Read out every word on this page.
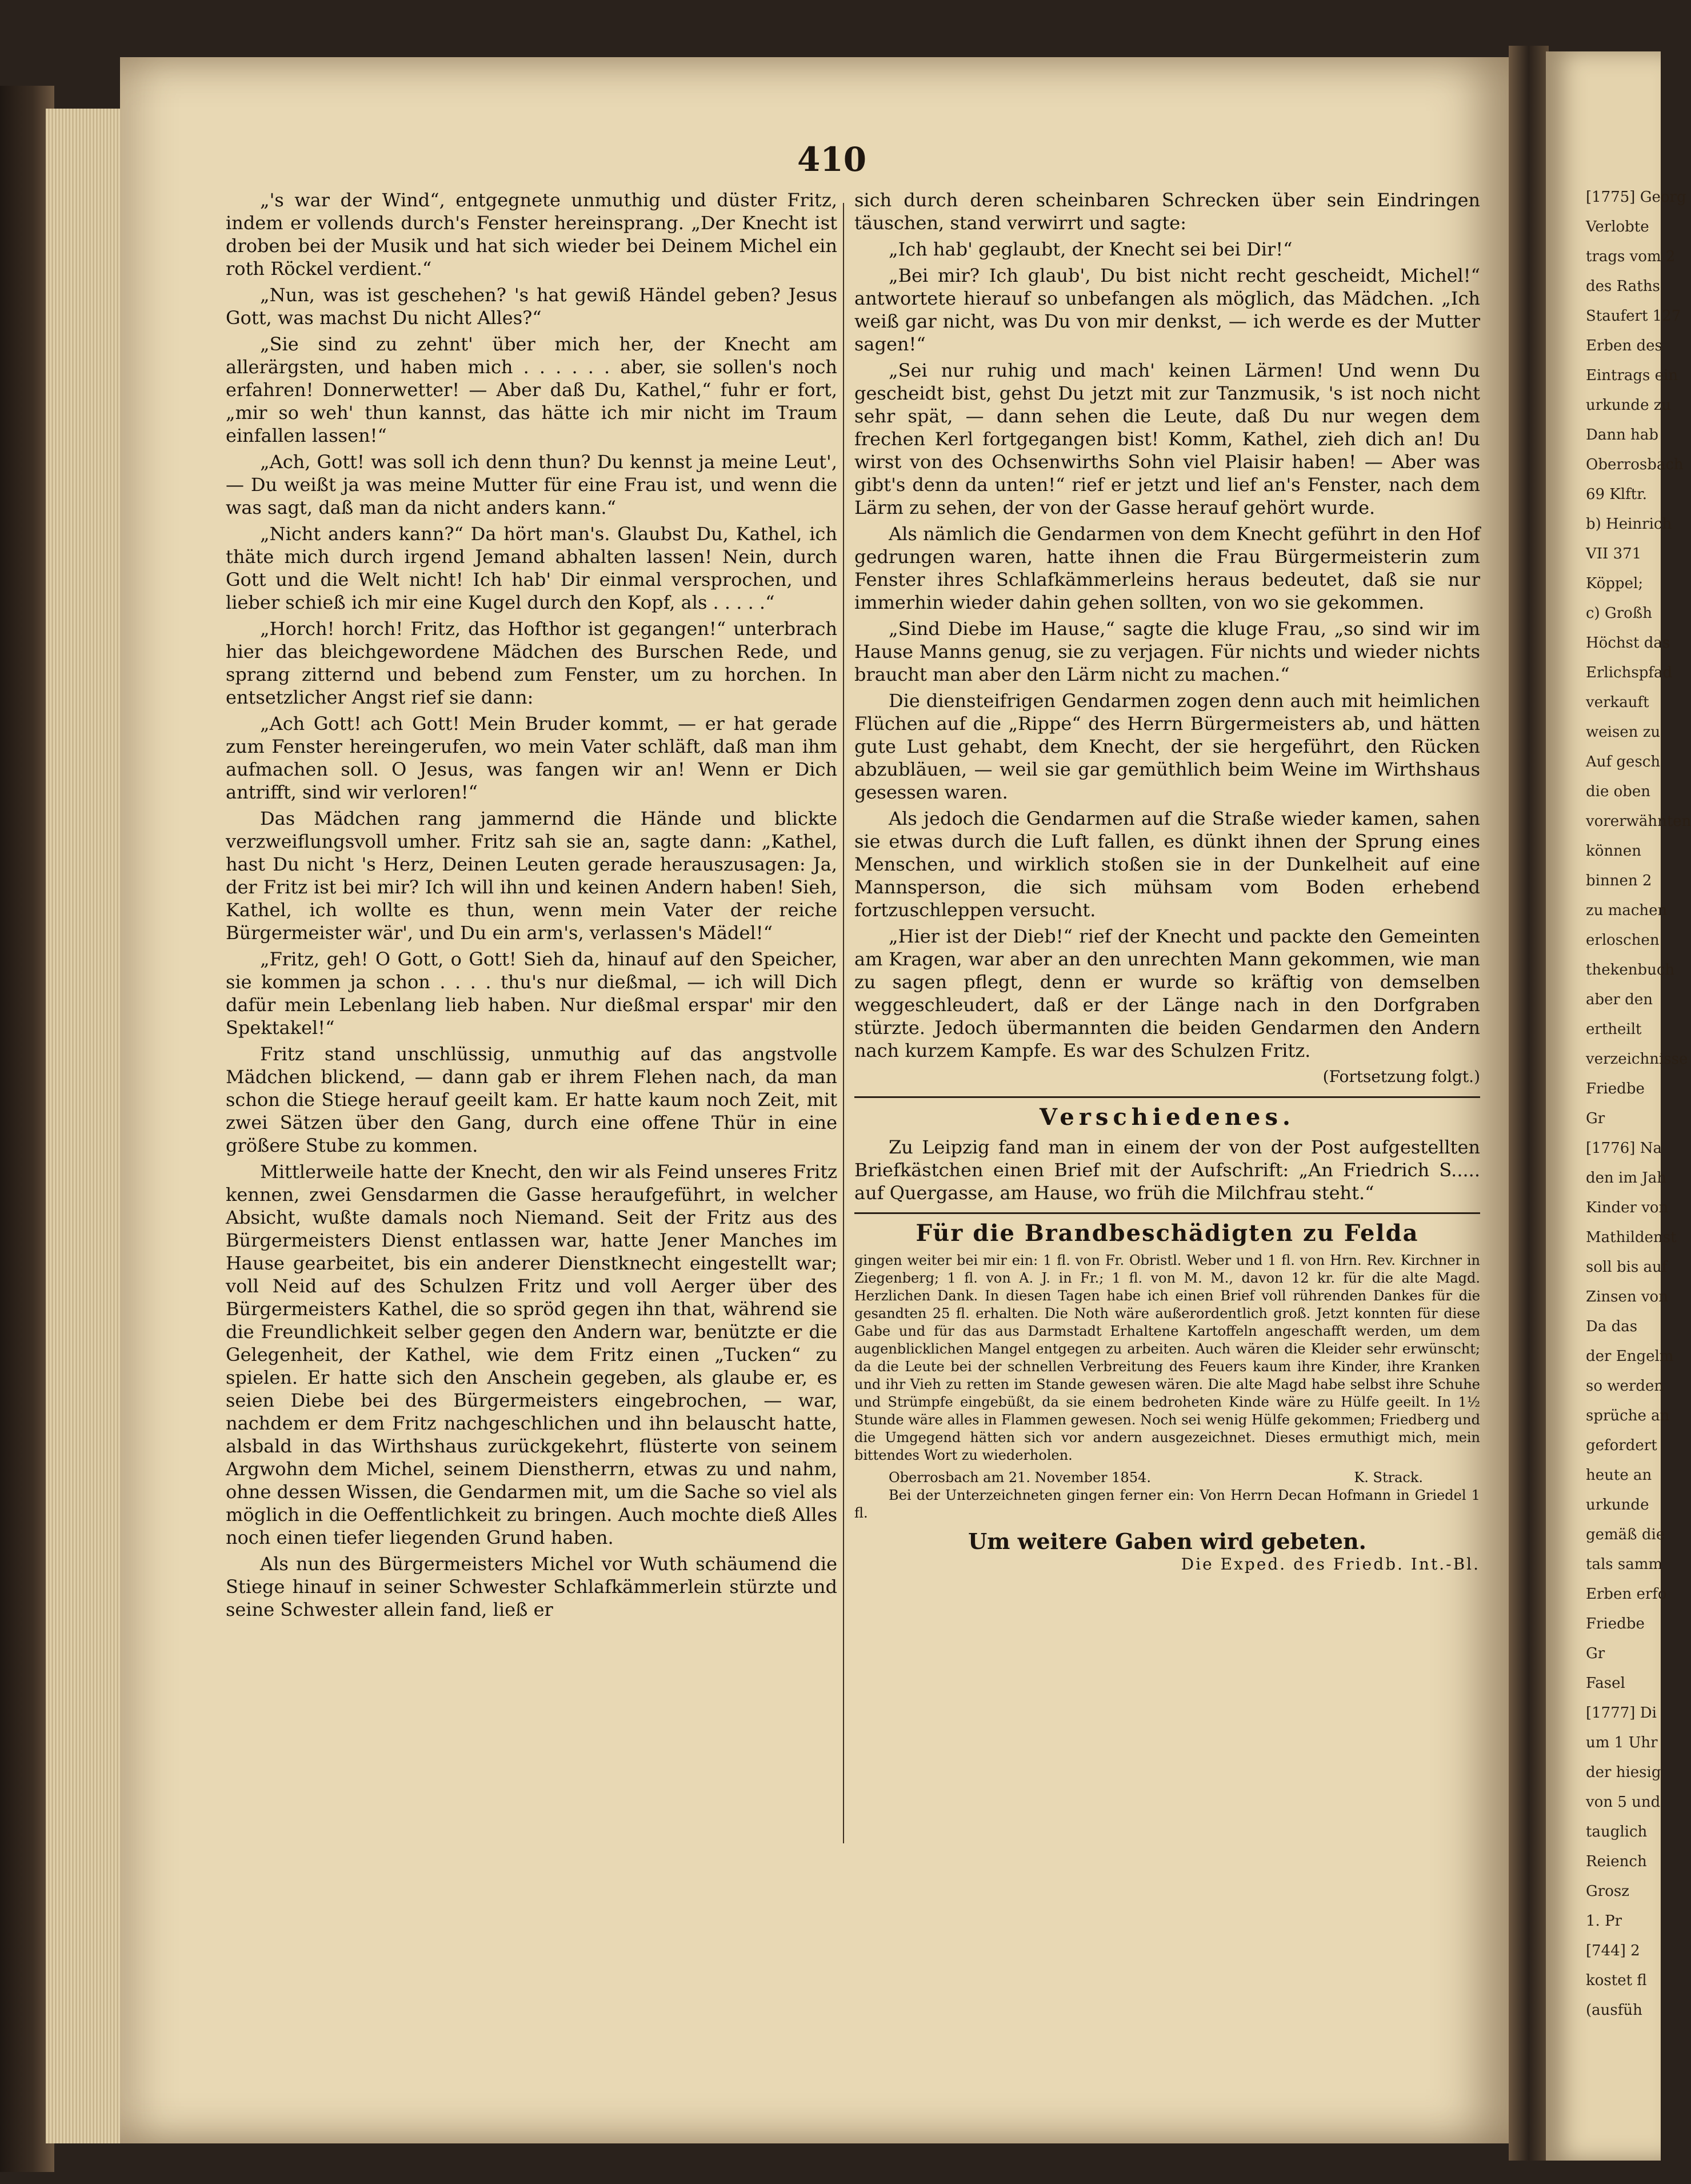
[1775] Georg
Verlobte
trags vom 2
des Raths
Staufert 127
Erben des
Eintrags ein
urkunde zu
Dann hab
Oberrosbach
69 Klftr.
b) Heinrich
VII 371
Köppel;
c) Großh
Höchst das
Erlichspfad
verkauft
weisen zu
Auf gesch
die oben
vorerwähnten
können
binnen 2
zu machen
erloschen
thekenbuch
aber den
ertheilt
verzeichnisse
Friedbe
Gr
[1776] Na
den im Jah
Kinder von
Mathildenst
soll bis auf
Zinsen von
Da das
der Engelm
so werden
sprüche an
gefordert
heute an
urkunde
gemäß die
tals samm
Erben erfo
Friedbe
Gr
Fasel
[1777] Di
um 1 Uhr
der hiesig
von 5 und
tauglich
Reiench
Grosz
1. Pr
[744] 2
kostet fl
(ausfüh
410

„'s war der Wind“, entgegnete unmuthig und düster Fritz, indem er vollends durch's Fenster hereinsprang. „Der Knecht ist droben bei der Musik und hat sich wieder bei Deinem Michel ein roth Röckel verdient.“

„Nun, was ist geschehen? 's hat gewiß Händel geben? Jesus Gott, was machst Du nicht Alles?“

„Sie sind zu zehnt' über mich her, der Knecht am allerärgsten, und haben mich . . . . . . aber, sie sollen's noch erfahren! Donnerwetter! — Aber daß Du, Kathel,“ fuhr er fort, „mir so weh' thun kannst, das hätte ich mir nicht im Traum einfallen lassen!“

„Ach, Gott! was soll ich denn thun? Du kennst ja meine Leut', — Du weißt ja was meine Mutter für eine Frau ist, und wenn die was sagt, daß man da nicht anders kann.“

„Nicht anders kann?“ Da hört man's. Glaubst Du, Kathel, ich thäte mich durch irgend Jemand abhalten lassen! Nein, durch Gott und die Welt nicht! Ich hab' Dir einmal versprochen, und lieber schieß ich mir eine Kugel durch den Kopf, als . . . . .“

„Horch! horch! Fritz, das Hofthor ist gegangen!“ unterbrach hier das bleichgewordene Mädchen des Burschen Rede, und sprang zitternd und bebend zum Fenster, um zu horchen. In entsetzlicher Angst rief sie dann:

„Ach Gott! ach Gott! Mein Bruder kommt, — er hat gerade zum Fenster hereingerufen, wo mein Vater schläft, daß man ihm aufmachen soll. O Jesus, was fangen wir an! Wenn er Dich antrifft, sind wir verloren!“

Das Mädchen rang jammernd die Hände und blickte verzweiflungsvoll umher. Fritz sah sie an, sagte dann: „Kathel, hast Du nicht 's Herz, Deinen Leuten gerade herauszusagen: Ja, der Fritz ist bei mir? Ich will ihn und keinen Andern haben! Sieh, Kathel, ich wollte es thun, wenn mein Vater der reiche Bürgermeister wär', und Du ein arm's, verlassen's Mädel!“

„Fritz, geh! O Gott, o Gott! Sieh da, hinauf auf den Speicher, sie kommen ja schon . . . . thu's nur dießmal, — ich will Dich dafür mein Lebenlang lieb haben. Nur dießmal erspar' mir den Spektakel!“

Fritz stand unschlüssig, unmuthig auf das angstvolle Mädchen blickend, — dann gab er ihrem Flehen nach, da man schon die Stiege herauf geeilt kam. Er hatte kaum noch Zeit, mit zwei Sätzen über den Gang, durch eine offene Thür in eine größere Stube zu kommen.

Mittlerweile hatte der Knecht, den wir als Feind unseres Fritz kennen, zwei Gensdarmen die Gasse heraufgeführt, in welcher Absicht, wußte damals noch Niemand. Seit der Fritz aus des Bürgermeisters Dienst entlassen war, hatte Jener Manches im Hause gearbeitet, bis ein anderer Dienstknecht eingestellt war; voll Neid auf des Schulzen Fritz und voll Aerger über des Bürgermeisters Kathel, die so spröd gegen ihn that, während sie die Freundlichkeit selber gegen den Andern war, benützte er die Gelegenheit, der Kathel, wie dem Fritz einen „Tucken“ zu spielen. Er hatte sich den Anschein gegeben, als glaube er, es seien Diebe bei des Bürgermeisters eingebrochen, — war, nachdem er dem Fritz nachgeschlichen und ihn belauscht hatte, alsbald in das Wirthshaus zurückgekehrt, flüsterte von seinem Argwohn dem Michel, seinem Dienstherrn, etwas zu und nahm, ohne dessen Wissen, die Gendarmen mit, um die Sache so viel als möglich in die Oeffentlichkeit zu bringen. Auch mochte dieß Alles noch einen tiefer liegenden Grund haben.

Als nun des Bürgermeisters Michel vor Wuth schäumend die Stiege hinauf in seiner Schwester Schlafkämmerlein stürzte und seine Schwester allein fand, ließ er

sich durch deren scheinbaren Schrecken über sein Eindringen täuschen, stand verwirrt und sagte:

„Ich hab' geglaubt, der Knecht sei bei Dir!“

„Bei mir? Ich glaub', Du bist nicht recht gescheidt, Michel!“ antwortete hierauf so unbefangen als möglich, das Mädchen. „Ich weiß gar nicht, was Du von mir denkst, — ich werde es der Mutter sagen!“

„Sei nur ruhig und mach' keinen Lärmen! Und wenn Du gescheidt bist, gehst Du jetzt mit zur Tanzmusik, 's ist noch nicht sehr spät, — dann sehen die Leute, daß Du nur wegen dem frechen Kerl fortgegangen bist! Komm, Kathel, zieh dich an! Du wirst von des Ochsenwirths Sohn viel Plaisir haben! — Aber was gibt's denn da unten!“ rief er jetzt und lief an's Fenster, nach dem Lärm zu sehen, der von der Gasse herauf gehört wurde.

Als nämlich die Gendarmen von dem Knecht geführt in den Hof gedrungen waren, hatte ihnen die Frau Bürgermeisterin zum Fenster ihres Schlafkämmerleins heraus bedeutet, daß sie nur immerhin wieder dahin gehen sollten, von wo sie gekommen.

„Sind Diebe im Hause,“ sagte die kluge Frau, „so sind wir im Hause Manns genug, sie zu verjagen. Für nichts und wieder nichts braucht man aber den Lärm nicht zu machen.“

Die diensteifrigen Gendarmen zogen denn auch mit heimlichen Flüchen auf die „Rippe“ des Herrn Bürgermeisters ab, und hätten gute Lust gehabt, dem Knecht, der sie hergeführt, den Rücken abzubläuen, — weil sie gar gemüthlich beim Weine im Wirthshaus gesessen waren.

Als jedoch die Gendarmen auf die Straße wieder kamen, sahen sie etwas durch die Luft fallen, es dünkt ihnen der Sprung eines Menschen, und wirklich stoßen sie in der Dunkelheit auf eine Mannsperson, die sich mühsam vom Boden erhebend fortzuschleppen versucht.

„Hier ist der Dieb!“ rief der Knecht und packte den Gemeinten am Kragen, war aber an den unrechten Mann gekommen, wie man zu sagen pflegt, denn er wurde so kräftig von demselben weggeschleudert, daß er der Länge nach in den Dorfgraben stürzte. Jedoch übermannten die beiden Gendarmen den Andern nach kurzem Kampfe. Es war des Schulzen Fritz.

(Fortsetzung folgt.)
Verschiedenes.

Zu Leipzig fand man in einem der von der Post aufgestellten Briefkästchen einen Brief mit der Aufschrift: „An Friedrich S..... auf Quergasse, am Hause, wo früh die Milchfrau steht.“

Für die Brandbeschädigten zu Felda

gingen weiter bei mir ein: 1 fl. von Fr. Obristl. Weber und 1 fl. von Hrn. Rev. Kirchner in Ziegenberg; 1 fl. von A. J. in Fr.; 1 fl. von M. M., davon 12 kr. für die alte Magd. Herzlichen Dank. In diesen Tagen habe ich einen Brief voll rührenden Dankes für die gesandten 25 fl. erhalten. Die Noth wäre außerordentlich groß. Jetzt konnten für diese Gabe und für das aus Darmstadt Erhaltene Kartoffeln angeschafft werden, um dem augenblicklichen Mangel entgegen zu arbeiten. Auch wären die Kleider sehr erwünscht; da die Leute bei der schnellen Verbreitung des Feuers kaum ihre Kinder, ihre Kranken und ihr Vieh zu retten im Stande gewesen wären. Die alte Magd habe selbst ihre Schuhe und Strümpfe eingebüßt, da sie einem bedroheten Kinde wäre zu Hülfe geeilt. In 1½ Stunde wäre alles in Flammen gewesen. Noch sei wenig Hülfe gekommen; Friedberg und die Umgegend hätten sich vor andern ausgezeichnet. Dieses ermuthigt mich, mein bittendes Wort zu wiederholen.

Oberrosbach am 21. November 1854.	K. Strack.

Bei der Unterzeichneten gingen ferner ein: Von Herrn Decan Hofmann in Griedel 1 fl.

Um weitere Gaben wird gebeten.
Die Exped. des Friedb. Int.-Bl.
